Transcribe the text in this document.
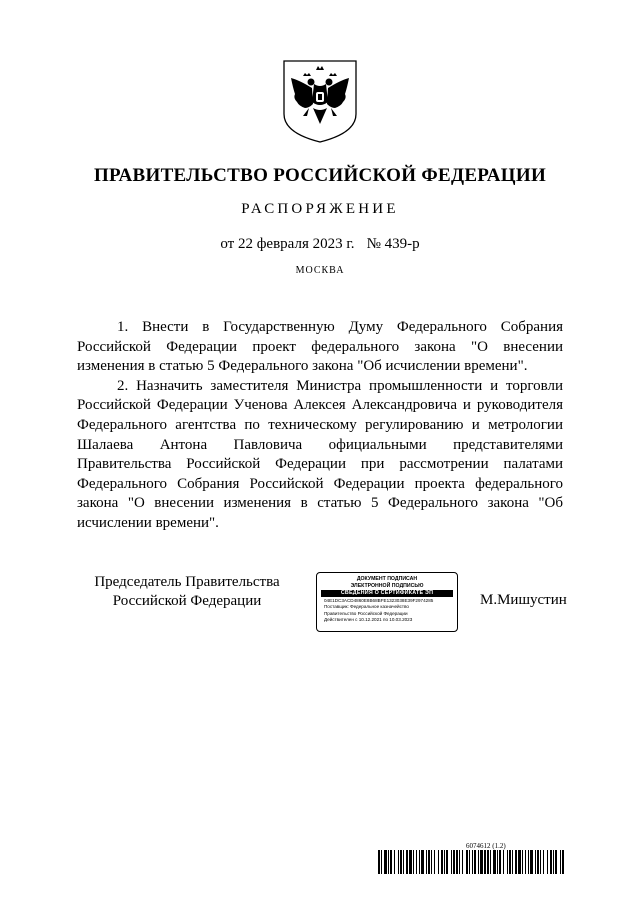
ПРАВИТЕЛЬСТВО РОССИЙСКОЙ ФЕДЕРАЦИИ
РАСПОРЯЖЕНИЕ
от 22 февраля 2023 г. № 439-р
МОСКВА

1. Внести в Государственную Думу Федерального Собрания Российской Федерации проект федерального закона "О внесении изменения в статью 5 Федерального закона "Об исчислении времени".

2. Назначить заместителя Министра промышленности и торговли Российской Федерации Ученова Алексея Александровича и руководителя Федерального агентства по техническому регулированию и метрологии Шалаева Антона Павловича официальными представителями Правительства Российской Федерации при рассмотрении палатами Федерального Собрания Российской Федерации проекта федерального закона "О внесении изменения в статью 5 Федерального закона "Об исчислении времени".

Председатель Правительства
Российской Федерации
ДОКУМЕНТ ПОДПИСАН
ЭЛЕКТРОННОЙ ПОДПИСЬЮ
СВЕДЕНИЯ О СЕРТИФИКАТЕ ЭП
04E1DC3ACD4860E8B68BFE1323038E39F2974285
Поставщик: Федеральное казначейство
Правительство Российской Федерации
Действителен с 10.12.2021 по 10.03.2023
М.Мишустин
6074612 (1.2)
